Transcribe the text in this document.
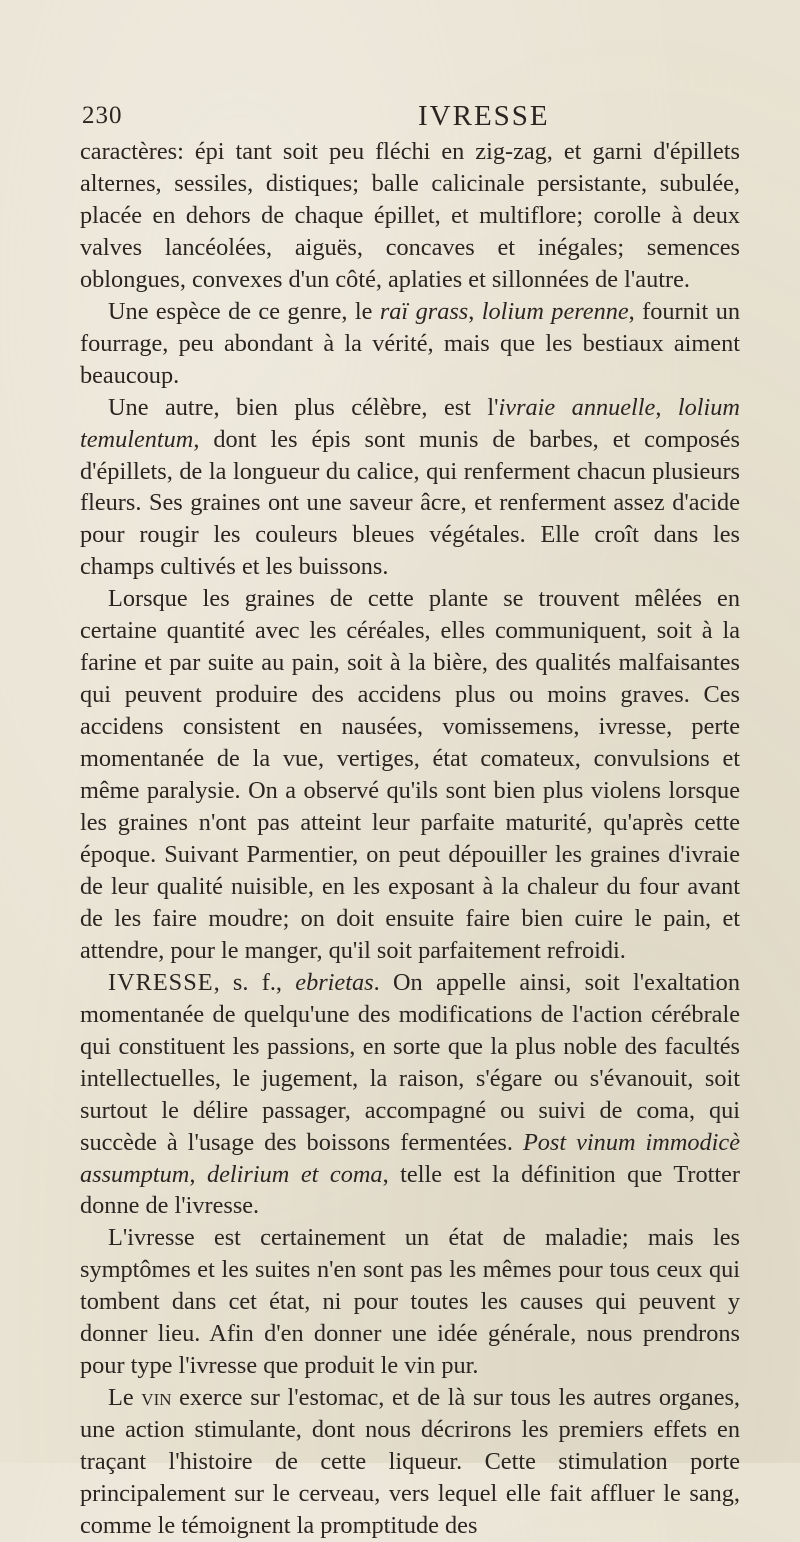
230	IVRESSE

caractères: épi tant soit peu fléchi en zig-zag, et garni d'épillets alternes, sessiles, distiques; balle calicinale persistante, subulée, placée en dehors de chaque épillet, et multiflore; corolle à deux valves lancéolées, aiguës, concaves et inégales; semences oblongues, convexes d'un côté, aplaties et sillonnées de l'autre.

Une espèce de ce genre, le raï grass, lolium perenne, fournit un fourrage, peu abondant à la vérité, mais que les bestiaux aiment beaucoup.

Une autre, bien plus célèbre, est l'ivraie annuelle, lolium temulentum, dont les épis sont munis de barbes, et composés d'épillets, de la longueur du calice, qui renferment chacun plusieurs fleurs. Ses graines ont une saveur âcre, et renferment assez d'acide pour rougir les couleurs bleues végétales. Elle croît dans les champs cultivés et les buissons.

Lorsque les graines de cette plante se trouvent mêlées en certaine quantité avec les céréales, elles communiquent, soit à la farine et par suite au pain, soit à la bière, des qualités malfaisantes qui peuvent produire des accidens plus ou moins graves. Ces accidens consistent en nausées, vomissemens, ivresse, perte momentanée de la vue, vertiges, état comateux, convulsions et même paralysie. On a observé qu'ils sont bien plus violens lorsque les graines n'ont pas atteint leur parfaite maturité, qu'après cette époque. Suivant Parmentier, on peut dépouiller les graines d'ivraie de leur qualité nuisible, en les exposant à la chaleur du four avant de les faire moudre; on doit ensuite faire bien cuire le pain, et attendre, pour le manger, qu'il soit parfaitement refroidi.

IVRESSE, s. f., ebrietas. On appelle ainsi, soit l'exaltation momentanée de quelqu'une des modifications de l'action cérébrale qui constituent les passions, en sorte que la plus noble des facultés intellectuelles, le jugement, la raison, s'égare ou s'évanouit, soit surtout le délire passager, accompagné ou suivi de coma, qui succède à l'usage des boissons fermentées. Post vinum immodicè assumptum, delirium et coma, telle est la définition que Trotter donne de l'ivresse.

L'ivresse est certainement un état de maladie; mais les symptômes et les suites n'en sont pas les mêmes pour tous ceux qui tombent dans cet état, ni pour toutes les causes qui peuvent y donner lieu. Afin d'en donner une idée générale, nous prendrons pour type l'ivresse que produit le vin pur.

Le vin exerce sur l'estomac, et de là sur tous les autres organes, une action stimulante, dont nous décrirons les premiers effets en traçant l'histoire de cette liqueur. Cette stimulation porte principalement sur le cerveau, vers lequel elle fait affluer le sang, comme le témoignent la promptitude des
